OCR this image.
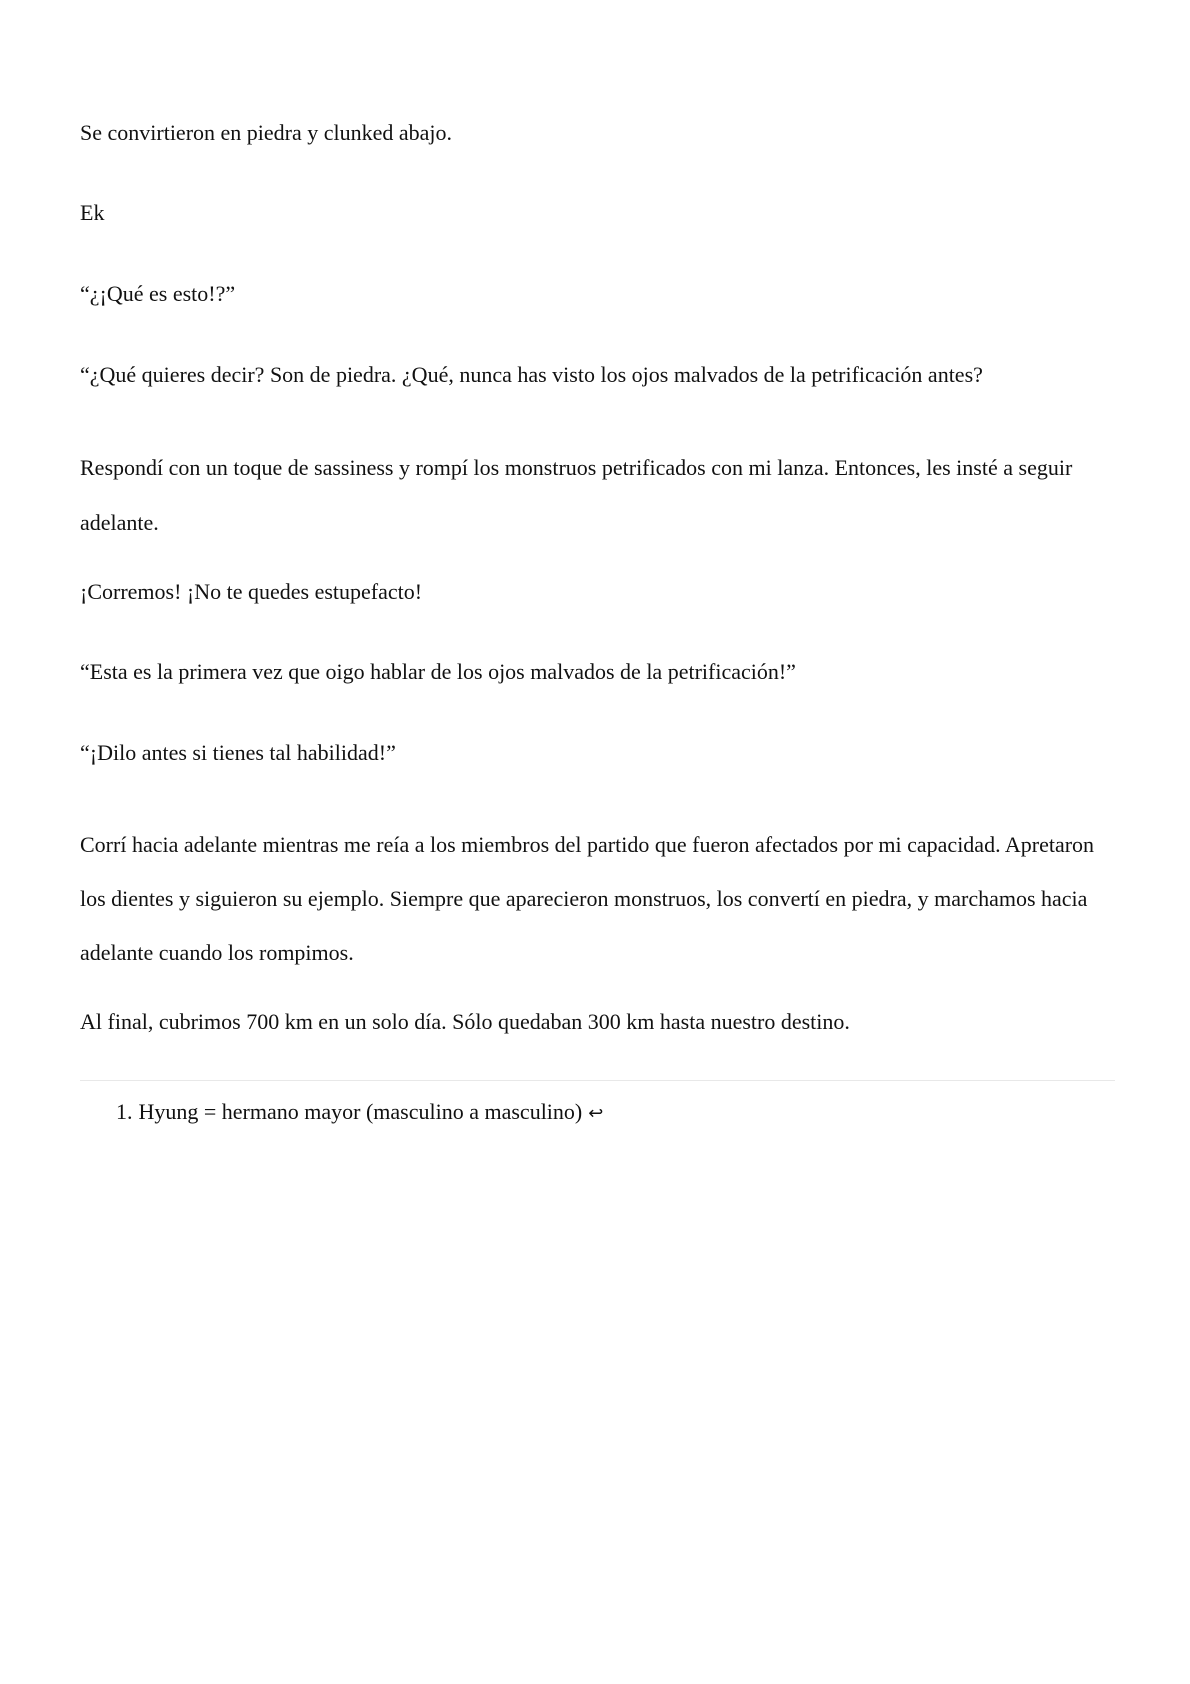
Se convirtieron en piedra y clunked abajo.

Ek

“¿¡Qué es esto!?”

“¿Qué quieres decir? Son de piedra. ¿Qué, nunca has visto los ojos malvados de la petrificación antes?

Respondí con un toque de sassiness y rompí los monstruos petrificados con mi lanza. Entonces, les insté a seguir adelante.

¡Corremos! ¡No te quedes estupefacto!

“Esta es la primera vez que oigo hablar de los ojos malvados de la petrificación!”

“¡Dilo antes si tienes tal habilidad!”

Corrí hacia adelante mientras me reía a los miembros del partido que fueron afectados por mi capacidad. Apretaron los dientes y siguieron su ejemplo. Siempre que aparecieron monstruos, los convertí en piedra, y marchamos hacia adelante cuando los rompimos.

Al final, cubrimos 700 km en un solo día. Sólo quedaban 300 km hasta nuestro destino.

1. Hyung = hermano mayor (masculino a masculino) ↩
